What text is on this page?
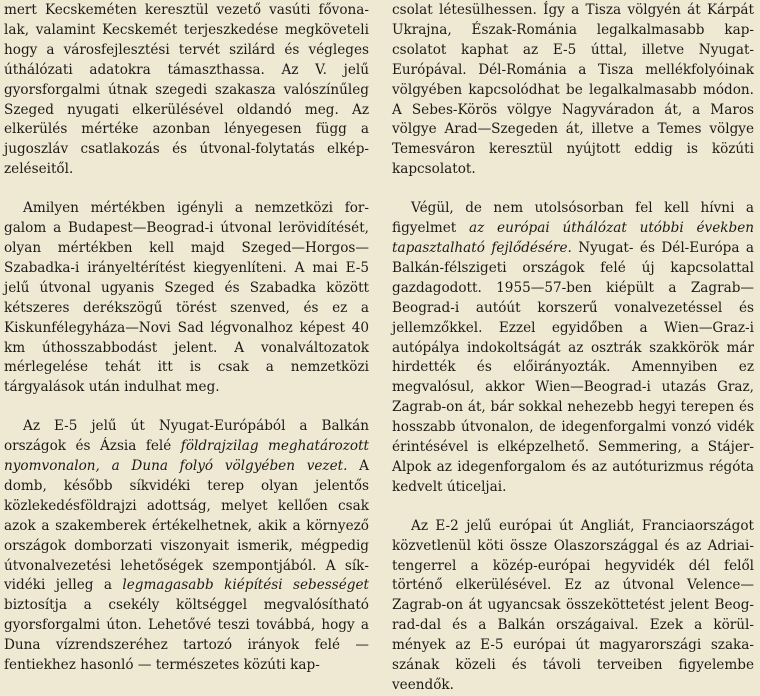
mert Kecskeméten keresztül vezető vasúti fővonalak, valamint Kecskemét terjeszkedése megköveteli hogy a városfejlesztési tervét szilárd és végleges úthálózati adatokra támaszthassa. Az V. jelű gyorsforgalmi útnak szegedi szakasza valószínűleg Szeged nyugati elkerülésével oldandó meg. Az elkerülés mértéke azonban lényegesen függ a jugoszláv csatlakozás és útvonal-folytatás elképzeléseitől.

Amilyen mértékben igényli a nemzetközi forgalom a Budapest—Beograd-i útvonal lerövidítését, olyan mértékben kell majd Szeged—Horgos—Szabadka-i irányeltérítést kiegyenlíteni. A mai E-5 jelű útvonal ugyanis Szeged és Szabadka között kétszeres derékszögű törést szenved, és ez a Kiskunfélegyháza—Novi Sad légvonalhoz képest 40 km úthosszabbodást jelent. A vonalváltozatok mérlegelése tehát itt is csak a nemzetközi tárgyalások után indulhat meg.

Az E-5 jelű út Nyugat-Európából a Balkán országok és Ázsia felé földrajzilag meghatározott nyomvonalon, a Duna folyó völgyében vezet. A domb, később síkvidéki terep olyan jelentős közlekedésföldrajzi adottság, melyet kellően csak azok a szakemberek értékelhetnek, akik a környező országok domborzati viszonyait ismerik, mégpedig útvonalvezetési lehetőségek szempontjából. A síkvidéki jelleg a legmagasabb kiépítési sebességet biztosítja a csekély költséggel megvalósítható gyorsforgalmi úton. Lehetővé teszi továbbá, hogy a Duna vízrendszeréhez tartozó irányok felé — fentiekhez hasonló — természetes közúti kap-

csolat létesülhessen. Így a Tisza völgyén át Kárpát Ukrajna, Észak-Románia legalkalmasabb kapcsolatot kaphat az E-5 úttal, illetve Nyugat-Európával. Dél-Románia a Tisza mellékfolyóinak völgyében kapcsolódhat be legalkalmasabb módon. A Sebes-Körös völgye Nagyváradon át, a Maros völgye Arad—Szegeden át, illetve a Temes völgye Temesváron keresztül nyújtott eddig is közúti kapcsolatot.

Végül, de nem utolsósorban fel kell hívni a figyelmet az európai úthálózat utóbbi években tapasztalható fejlődésére. Nyugat- és Dél-Európa a Balkán-félszigeti országok felé új kapcsolattal gazdagodott. 1955—57-ben kiépült a Zagrab—Beograd-i autóút korszerű vonalvezetéssel és jellemzőkkel. Ezzel egyidőben a Wien—Graz-i autópálya indokoltságát az osztrák szakkörök már hirdették és előirányozták. Amennyiben ez megvalósul, akkor Wien—Beograd-i utazás Graz, Zagrab-on át, bár sokkal nehezebb hegyi terepen és hosszabb útvonalon, de idegenforgalmi vonzó vidék érintésével is elképzelhető. Semmering, a Stájer-Alpok az idegenforgalom és az autóturizmus régóta kedvelt úticeljai.

Az E-2 jelű európai út Angliát, Franciaországot közvetlenül köti össze Olaszországgal és az Adriai-tengerrel a közép-európai hegyvidék dél felől történő elkerülésével. Ez az útvonal Velence—Zagrab-on át ugyancsak összeköttetést jelent Beograd-dal és a Balkán országaival. Ezek a körülmények az E-5 európai út magyarországi szakaszának közeli és távoli terveiben figyelembe veendők.
